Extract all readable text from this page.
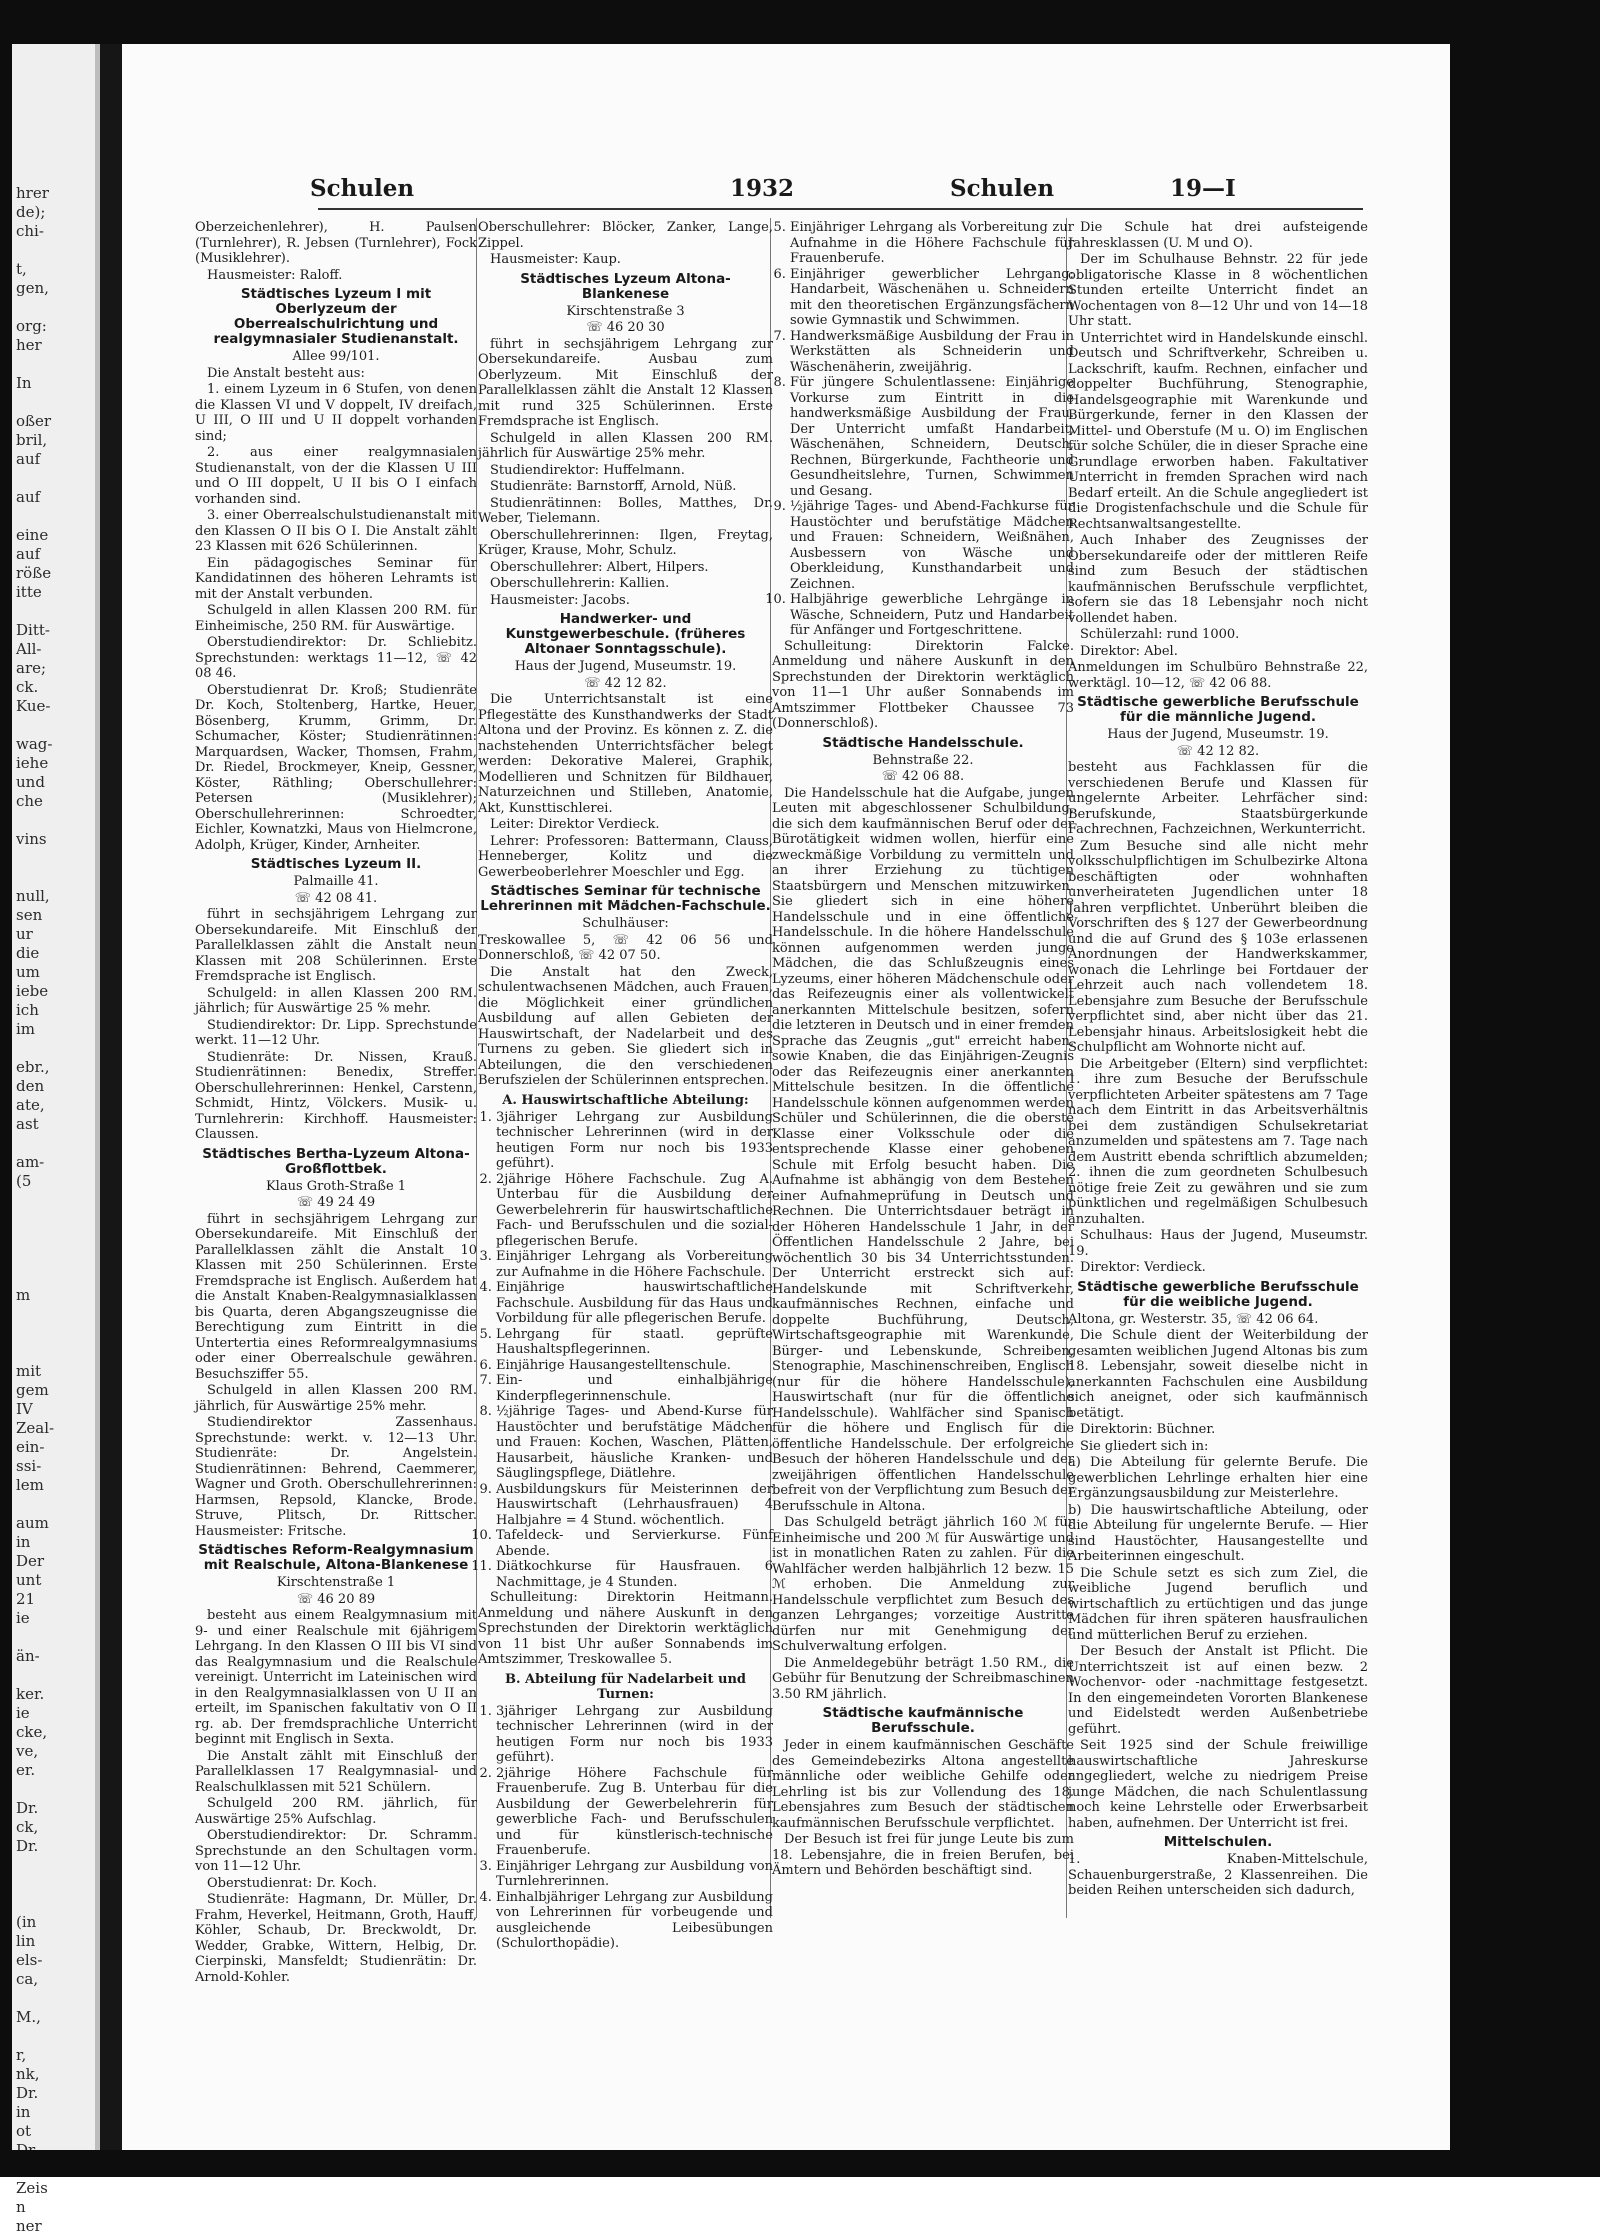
hrer
de);
chi-
t,
gen,
org:
her
In
oßer
bril,
auf
auf
eine
auf
röße
itte
Ditt-
All-
are;
ck.
Kue-
wag-
iehe
und
che
vins
null,
sen
ur
die
um
iebe
ich
im
ebr.,
den
ate,
ast
am-
(5
m
mit
gem
IV
Zeal-
ein-
ssi-
lem
aum
in
Der
unt
21
ie
än-
ker.
ie
cke,
ve,
er.
Dr.
ck,
Dr.
(in
lin
els-
ca,
M.,
r,
nk,
Dr.
in
ot
Zeis
n
ner
Schulen	1932	Schulen	19—I

Oberzeichenlehrer), H. Paulsen (Turnlehrer), R. Jebsen (Turnlehrer), Fock (Musiklehrer).

Hausmeister: Raloff.

Städtisches Lyzeum I mit Oberlyzeum der Oberrealschulrichtung und realgymnasialer Studienanstalt.

Allee 99/101.

Die Anstalt besteht aus:

1. einem Lyzeum in 6 Stufen, von denen die Klassen VI und V doppelt, IV dreifach, U III, O III und U II doppelt vorhanden sind;

2. aus einer realgymnasialen Studienanstalt, von der die Klassen U III und O III doppelt, U II bis O I einfach vorhanden sind.

3. einer Oberrealschulstudienanstalt mit den Klassen O II bis O I. Die Anstalt zählt 23 Klassen mit 626 Schülerinnen.

Ein pädagogisches Seminar für Kandidatinnen des höheren Lehramts ist mit der Anstalt verbunden.

Schulgeld in allen Klassen 200 RM. für Einheimische, 250 RM. für Auswärtige.

Oberstudiendirektor: Dr. Schliebitz. Sprechstunden: werktags 11—12, ☏ 42 08 46.

Oberstudienrat Dr. Kroß; Studienräte Dr. Koch, Stoltenberg, Hartke, Heuer, Bösenberg, Krumm, Grimm, Dr. Schumacher, Köster; Studienrätinnen: Marquardsen, Wacker, Thomsen, Frahm, Dr. Riedel, Brockmeyer, Kneip, Gessner, Köster, Räthling; Oberschullehrer: Petersen (Musiklehrer); Oberschullehrerinnen: Schroedter, Eichler, Kownatzki, Maus von Hielmcrone, Adolph, Krüger, Kinder, Arnheiter.

Städtisches Lyzeum II.

Palmaille 41.

☏ 42 08 41.

führt in sechsjährigem Lehrgang zur Obersekundareife. Mit Einschluß der Parallelklassen zählt die Anstalt neun Klassen mit 208 Schülerinnen. Erste Fremdsprache ist Englisch.

Schulgeld: in allen Klassen 200 RM. jährlich; für Auswärtige 25 % mehr.

Studiendirektor: Dr. Lipp. Sprechstunde werkt. 11—12 Uhr.

Studienräte: Dr. Nissen, Krauß. Studienrätinnen: Benedix, Streffer. Oberschullehrerinnen: Henkel, Carstenn, Schmidt, Hintz, Völckers. Musik- u. Turnlehrerin: Kirchhoff. Hausmeister: Claussen.

Städtisches Bertha-Lyzeum Altona-Großflottbek.

Klaus Groth-Straße 1

☏ 49 24 49

führt in sechsjährigem Lehrgang zur Obersekundareife. Mit Einschluß der Parallelklassen zählt die Anstalt 10 Klassen mit 250 Schülerinnen. Erste Fremdsprache ist Englisch. Außerdem hat die Anstalt Knaben-Realgymnasialklassen bis Quarta, deren Abgangszeugnisse die Berechtigung zum Eintritt in die Untertertia eines Reformrealgymnasiums oder einer Oberrealschule gewähren. Besuchsziffer 55.

Schulgeld in allen Klassen 200 RM. jährlich, für Auswärtige 25% mehr.

Studiendirektor Zassenhaus. Sprechstunde: werkt. v. 12—13 Uhr. Studienräte: Dr. Angelstein. Studienrätinnen: Behrend, Caemmerer, Wagner und Groth. Oberschullehrerinnen: Harmsen, Repsold, Klancke, Brode. Struve, Plitsch, Dr. Rittscher. Hausmeister: Fritsche.

Städtisches Reform-Realgymnasium mit Realschule, Altona-Blankenese

Kirschtenstraße 1

☏ 46 20 89

besteht aus einem Realgymnasium mit 9- und einer Realschule mit 6jährigem Lehrgang. In den Klassen O III bis VI sind das Realgymnasium und die Realschule vereinigt. Unterricht im Lateinischen wird in den Realgymnasialklassen von U II an erteilt, im Spanischen fakultativ von O II rg. ab. Der fremdsprachliche Unterricht beginnt mit Englisch in Sexta.

Die Anstalt zählt mit Einschluß der Parallelklassen 17 Realgymnasial- und Realschulklassen mit 521 Schülern.

Schulgeld 200 RM. jährlich, für Auswärtige 25% Aufschlag.

Oberstudiendirektor: Dr. Schramm. Sprechstunde an den Schultagen vorm. von 11—12 Uhr.

Oberstudienrat: Dr. Koch.

Studienräte: Hagmann, Dr. Müller, Dr. Frahm, Heverkel, Heitmann, Groth, Hauff, Köhler, Schaub, Dr. Breckwoldt, Dr. Wedder, Grabke, Wittern, Helbig, Dr. Cierpinski, Mansfeldt; Studienrätin: Dr. Arnold-Kohler.

Oberschullehrer: Blöcker, Zanker, Lange, Zippel.

Hausmeister: Kaup.

Städtisches Lyzeum Altona-Blankenese

Kirschtenstraße 3

☏ 46 20 30

führt in sechsjährigem Lehrgang zur Obersekundareife. Ausbau zum Oberlyzeum. Mit Einschluß der Parallelklassen zählt die Anstalt 12 Klassen mit rund 325 Schülerinnen. Erste Fremdsprache ist Englisch.

Schulgeld in allen Klassen 200 RM. jährlich für Auswärtige 25% mehr.

Studiendirektor: Huffelmann.

Studienräte: Barnstorff, Arnold, Nüß.

Studienrätinnen: Bolles, Matthes, Dr. Weber, Tielemann.

Oberschullehrerinnen: Ilgen, Freytag, Krüger, Krause, Mohr, Schulz.

Oberschullehrer: Albert, Hilpers.

Oberschullehrerin: Kallien.

Hausmeister: Jacobs.

Handwerker- und Kunstgewerbeschule. (früheres Altonaer Sonntagsschule).

Haus der Jugend, Museumstr. 19.

☏ 42 12 82.

Die Unterrichtsanstalt ist eine Pflegestätte des Kunsthandwerks der Stadt Altona und der Provinz. Es können z. Z. die nachstehenden Unterrichtsfächer belegt werden: Dekorative Malerei, Graphik, Modellieren und Schnitzen für Bildhauer, Naturzeichnen und Stilleben, Anatomie, Akt, Kunsttischlerei.

Leiter: Direktor Verdieck.

Lehrer: Professoren: Battermann, Clauss, Henneberger, Kolitz und die Gewerbeoberlehrer Moeschler und Egg.

Städtisches Seminar für technische Lehrerinnen mit Mädchen-Fachschule.

Schulhäuser:

Treskowallee 5, ☏ 42 06 56 und Donnerschloß, ☏ 42 07 50.

Die Anstalt hat den Zweck, schulentwachsenen Mädchen, auch Frauen, die Möglichkeit einer gründlichen Ausbildung auf allen Gebieten der Hauswirtschaft, der Nadelarbeit und des Turnens zu geben. Sie gliedert sich in Abteilungen, die den verschiedenen Berufszielen der Schülerinnen entsprechen.

A. Hauswirtschaftliche Abteilung:
1. 3jähriger Lehrgang zur Ausbildung technischer Lehrerinnen (wird in der heutigen Form nur noch bis 1933 geführt).
2. 2jährige Höhere Fachschule. Zug A. Unterbau für die Ausbildung der Gewerbelehrerin für hauswirtschaftliche Fach- und Berufsschulen und die sozial-pflegerischen Berufe.
3. Einjähriger Lehrgang als Vorbereitung zur Aufnahme in die Höhere Fachschule.
4. Einjährige hauswirtschaftliche Fachschule. Ausbildung für das Haus und Vorbildung für alle pflegerischen Berufe.
5. Lehrgang für staatl. geprüfte Haushaltspflegerinnen.
6. Einjährige Hausangestelltenschule.
7. Ein- und einhalbjährige Kinderpflegerinnenschule.
8. ½jährige Tages- und Abend-Kurse für Haustöchter und berufstätige Mädchen und Frauen: Kochen, Waschen, Plätten, Hausarbeit, häusliche Kranken- und Säuglingspflege, Diätlehre.
9. Ausbildungskurs für Meisterinnen der Hauswirtschaft (Lehrhausfrauen) 4 Halbjahre = 4 Stund. wöchentlich.
10. Tafeldeck- und Servierkurse. Fünf Abende.
11. Diätkochkurse für Hausfrauen. 6 Nachmittage, je 4 Stunden.

Schulleitung: Direktorin Heitmann. Anmeldung und nähere Auskunft in den Sprechstunden der Direktorin werktäglich von 11 bist Uhr außer Sonnabends im Amtszimmer, Treskowallee 5.

B. Abteilung für Nadelarbeit und Turnen:
1. 3jähriger Lehrgang zur Ausbildung technischer Lehrerinnen (wird in der heutigen Form nur noch bis 1933 geführt).
2. 2jährige Höhere Fachschule für Frauenberufe. Zug B. Unterbau für die Ausbildung der Gewerbelehrerin für gewerbliche Fach- und Berufsschulen und für künstlerisch-technische Frauenberufe.
3. Einjähriger Lehrgang zur Ausbildung von Turnlehrerinnen.
4. Einhalbjähriger Lehrgang zur Ausbildung von Lehrerinnen für vorbeugende und ausgleichende Leibesübungen (Schulorthopädie).
5. Einjähriger Lehrgang als Vorbereitung zur Aufnahme in die Höhere Fachschule für Frauenberufe.
6. Einjähriger gewerblicher Lehrgang: Handarbeit, Wäschenähen u. Schneidern mit den theoretischen Ergänzungsfächern sowie Gymnastik und Schwimmen.
7. Handwerksmäßige Ausbildung der Frau in Werkstätten als Schneiderin und Wäschenäherin, zweijährig.
8. Für jüngere Schulentlassene: Einjährige Vorkurse zum Eintritt in die handwerksmäßige Ausbildung der Frau. Der Unterricht umfaßt Handarbeit, Wäschenähen, Schneidern, Deutsch, Rechnen, Bürgerkunde, Fachtheorie und Gesundheitslehre, Turnen, Schwimmen und Gesang.
9. ½jährige Tages- und Abend-Fachkurse für Haustöchter und berufstätige Mädchen und Frauen: Schneidern, Weißnähen, Ausbessern von Wäsche und Oberkleidung, Kunsthandarbeit und Zeichnen.
10. Halbjährige gewerbliche Lehrgänge in Wäsche, Schneidern, Putz und Handarbeit für Anfänger und Fortgeschrittene.

Schulleitung: Direktorin Falcke. Anmeldung und nähere Auskunft in den Sprechstunden der Direktorin werktäglich von 11—1 Uhr außer Sonnabends im Amtszimmer Flottbeker Chaussee 73 (Donnerschloß).

Städtische Handelsschule.

Behnstraße 22.

☏ 42 06 88.

Die Handelsschule hat die Aufgabe, jungen Leuten mit abgeschlossener Schulbildung, die sich dem kaufmännischen Beruf oder der Bürotätigkeit widmen wollen, hierfür eine zweckmäßige Vorbildung zu vermitteln und an ihrer Erziehung zu tüchtigen Staatsbürgern und Menschen mitzuwirken. Sie gliedert sich in eine höhere Handelsschule und in eine öffentliche Handelsschule. In die höhere Handelsschule können aufgenommen werden junge Mädchen, die das Schlußzeugnis eines Lyzeums, einer höheren Mädchenschule oder das Reifezeugnis einer als vollentwickelt anerkannten Mittelschule besitzen, sofern die letzteren in Deutsch und in einer fremden Sprache das Zeugnis „gut" erreicht haben, sowie Knaben, die das Einjährigen-Zeugnis oder das Reifezeugnis einer anerkannten Mittelschule besitzen. In die öffentliche Handelsschule können aufgenommen werden Schüler und Schülerinnen, die die oberste Klasse einer Volksschule oder die entsprechende Klasse einer gehobenen Schule mit Erfolg besucht haben. Die Aufnahme ist abhängig von dem Bestehen einer Aufnahmeprüfung in Deutsch und Rechnen. Die Unterrichtsdauer beträgt in der Höheren Handelsschule 1 Jahr, in der Öffentlichen Handelsschule 2 Jahre, bei wöchentlich 30 bis 34 Unterrichtsstunden. Der Unterricht erstreckt sich auf: Handelskunde mit Schriftverkehr, kaufmännisches Rechnen, einfache und doppelte Buchführung, Deutsch, Wirtschaftsgeographie mit Warenkunde, Bürger- und Lebenskunde, Schreiben, Stenographie, Maschinenschreiben, Englisch (nur für die höhere Handelsschule), Hauswirtschaft (nur für die öffentliche Handelsschule). Wahlfächer sind Spanisch für die höhere und Englisch für die öffentliche Handelsschule. Der erfolgreiche Besuch der höheren Handelsschule und der zweijährigen öffentlichen Handelsschule befreit von der Verpflichtung zum Besuch der Berufsschule in Altona.

Das Schulgeld beträgt jährlich 160 ℳ für Einheimische und 200 ℳ für Auswärtige und ist in monatlichen Raten zu zahlen. Für die Wahlfächer werden halbjährlich 12 bezw. 15 ℳ erhoben. Die Anmeldung zur Handelsschule verpflichtet zum Besuch des ganzen Lehrganges; vorzeitige Austritte dürfen nur mit Genehmigung der Schulverwaltung erfolgen.

Die Anmeldegebühr beträgt 1.50 RM., die Gebühr für Benutzung der Schreibmaschinen 3.50 RM jährlich.

Städtische kaufmännische Berufsschule.

Jeder in einem kaufmännischen Geschäfte des Gemeindebezirks Altona angestellte männliche oder weibliche Gehilfe oder Lehrling ist bis zur Vollendung des 18. Lebensjahres zum Besuch der städtischen kaufmännischen Berufsschule verpflichtet.

Der Besuch ist frei für junge Leute bis zum 18. Lebensjahre, die in freien Berufen, bei Ämtern und Behörden beschäftigt sind.

Die Schule hat drei aufsteigende Jahresklassen (U. M und O).

Der im Schulhause Behnstr. 22 für jede obligatorische Klasse in 8 wöchentlichen Stunden erteilte Unterricht findet an Wochentagen von 8—12 Uhr und von 14—18 Uhr statt.

Unterrichtet wird in Handelskunde einschl. Deutsch und Schriftverkehr, Schreiben u. Lackschrift, kaufm. Rechnen, einfacher und doppelter Buchführung, Stenographie, Handelsgeographie mit Warenkunde und Bürgerkunde, ferner in den Klassen der Mittel- und Oberstufe (M u. O) im Englischen für solche Schüler, die in dieser Sprache eine Grundlage erworben haben. Fakultativer Unterricht in fremden Sprachen wird nach Bedarf erteilt. An die Schule angegliedert ist die Drogistenfachschule und die Schule für Rechtsanwaltsangestellte.

Auch Inhaber des Zeugnisses der Obersekundareife oder der mittleren Reife sind zum Besuch der städtischen kaufmännischen Berufsschule verpflichtet, sofern sie das 18 Lebensjahr noch nicht vollendet haben.

Schülerzahl: rund 1000.

Direktor: Abel.

Anmeldungen im Schulbüro Behnstraße 22, werktägl. 10—12, ☏ 42 06 88.

Städtische gewerbliche Berufsschule für die männliche Jugend.

Haus der Jugend, Museumstr. 19.

☏ 42 12 82.

besteht aus Fachklassen für die verschiedenen Berufe und Klassen für ungelernte Arbeiter. Lehrfächer sind: Berufskunde, Staatsbürgerkunde Fachrechnen, Fachzeichnen, Werkunterricht.

Zum Besuche sind alle nicht mehr volksschulpflichtigen im Schulbezirke Altona beschäftigten oder wohnhaften unverheirateten Jugendlichen unter 18 Jahren verpflichtet. Unberührt bleiben die Vorschriften des § 127 der Gewerbeordnung und die auf Grund des § 103e erlassenen Anordnungen der Handwerkskammer, wonach die Lehrlinge bei Fortdauer der Lehrzeit auch nach vollendetem 18. Lebensjahre zum Besuche der Berufsschule verpflichtet sind, aber nicht über das 21. Lebensjahr hinaus. Arbeitslosigkeit hebt die Schulpflicht am Wohnorte nicht auf.

Die Arbeitgeber (Eltern) sind verpflichtet: 1. ihre zum Besuche der Berufsschule verpflichteten Arbeiter spätestens am 7 Tage nach dem Eintritt in das Arbeitsverhältnis bei dem zuständigen Schulsekretariat anzumelden und spätestens am 7. Tage nach dem Austritt ebenda schriftlich abzumelden; 2. ihnen die zum geordneten Schulbesuch nötige freie Zeit zu gewähren und sie zum pünktlichen und regelmäßigen Schulbesuch anzuhalten.

Schulhaus: Haus der Jugend, Museumstr. 19.

Direktor: Verdieck.

Städtische gewerbliche Berufsschule für die weibliche Jugend.

Altona, gr. Westerstr. 35, ☏ 42 06 64.

Die Schule dient der Weiterbildung der gesamten weiblichen Jugend Altonas bis zum 18. Lebensjahr, soweit dieselbe nicht in anerkannten Fachschulen eine Ausbildung sich aneignet, oder sich kaufmännisch betätigt.

Direktorin: Büchner.

Sie gliedert sich in:

a) Die Abteilung für gelernte Berufe. Die gewerblichen Lehrlinge erhalten hier eine Ergänzungsausbildung zur Meisterlehre.

b) Die hauswirtschaftliche Abteilung, oder die Abteilung für ungelernte Berufe. — Hier sind Haustöchter, Hausangestellte und Arbeiterinnen eingeschult.

Die Schule setzt es sich zum Ziel, die weibliche Jugend beruflich und wirtschaftlich zu ertüchtigen und das junge Mädchen für ihren späteren hausfraulichen und mütterlichen Beruf zu erziehen.

Der Besuch der Anstalt ist Pflicht. Die Unterrichtszeit ist auf einen bezw. 2 Wochenvor- oder -nachmittage festgesetzt. In den eingemeindeten Vororten Blankenese und Eidelstedt werden Außenbetriebe geführt.

Seit 1925 sind der Schule freiwillige hauswirtschaftliche Jahreskurse angegliedert, welche zu niedrigem Preise junge Mädchen, die nach Schulentlassung noch keine Lehrstelle oder Erwerbsarbeit haben, aufnehmen. Der Unterricht ist frei.

Mittelschulen.

1. Knaben-Mittelschule, Schauenburgerstraße, 2 Klassenreihen. Die beiden Reihen unterscheiden sich dadurch,
